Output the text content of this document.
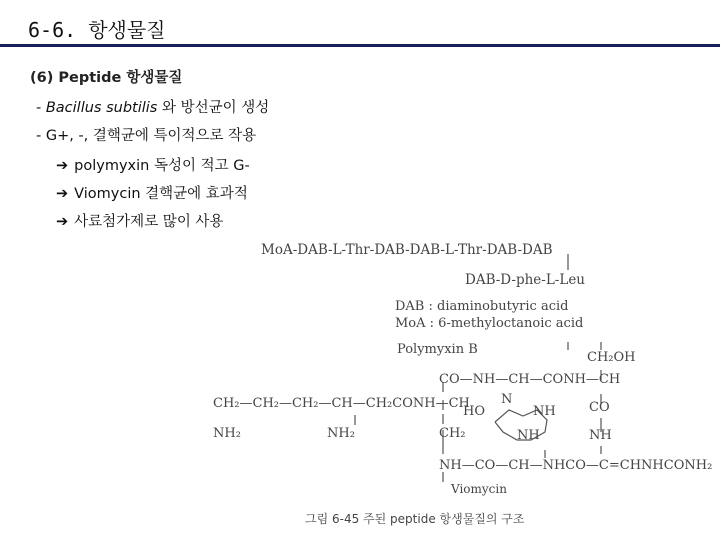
6-6. 항생물질
(6) Peptide 항생물질
- Bacillus subtilis 와 방선균이 생성
- G+, -, 결핵균에 특이적으로 작용
➔ polymyxin 독성이 적고 G-
➔ Viomycin 결핵균에 효과적
➔ 사료첨가제로 많이 사용
MoA-DAB-L-Thr-DAB-DAB-L-Thr-DAB-DAB
DAB-D-phe-L-Leu
DAB : diaminobutyric acid
MoA : 6-methyloctanoic acid
Polymyxin B
CH₂OH
CO—NH—CH—CONH—CH
CH₂—CH₂—CH₂—CH—CH₂CONH—CH
HO
N
NH	CO
NH₂	NH₂	CH₂	NH	NH
NH—CO—CH—NHCO—C=CHNHCONH₂
Viomycin
그림 6-45 주된 peptide 항생물질의 구조
